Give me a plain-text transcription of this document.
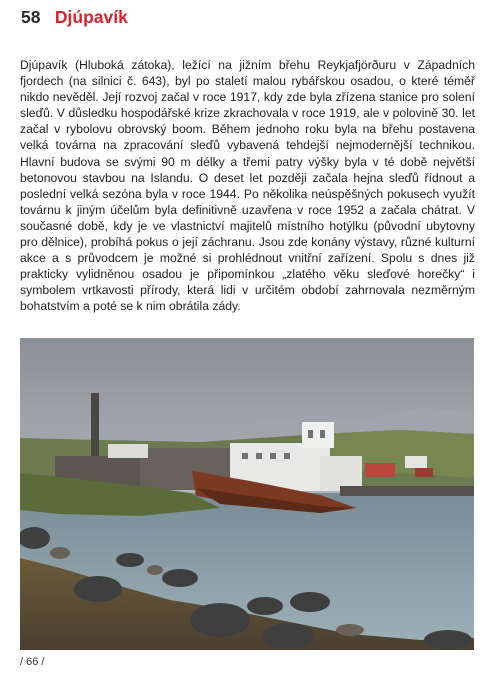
58 Djúpavík

Djúpavík (Hluboká zátoka), ležící na jižním břehu Reykjafjörðuru v Západních fjordech (na silnici č. 643), byl po staletí malou rybářskou osadou, o které téměř nikdo nevěděl. Její rozvoj začal v roce 1917, kdy zde byla zřízena stanice pro solení sleďů. V důsledku hospodářské krize zkrachovala v roce 1919, ale v polovině 30. let začal v rybolovu obrovský boom. Během jednoho roku byla na břehu postavena velká továrna na zpracování sleďů vybavená tehdejší nejmodernější technikou. Hlavní budova se svými 90 m délky a třemi patry výšky byla v té době největší betonovou stavbou na Islandu. O deset let později začala hejna sleďů řídnout a poslední velká sezóna byla v roce 1944. Po několika neúspěšných pokusech využít továrnu k jiným účelům byla definitivně uzavřena v roce 1952 a začala chátrat. V současné době, kdy je ve vlastnictví majitelů místního hotýlku (původní ubytovny pro dělnice), probíhá pokus o její záchranu. Jsou zde konány výstavy, různé kulturní akce a s průvodcem je možné si prohlédnout vnitřní zařízení. Spolu s dnes již prakticky vylidněnou osadou je připomínkou „zlatého věku sleďové horečky“ i symbolem vrtkavosti přírody, která lidi v určitém období zahrnovala nezměrným bohatstvím a poté se k nim obrátila zády.

/ 66 /
